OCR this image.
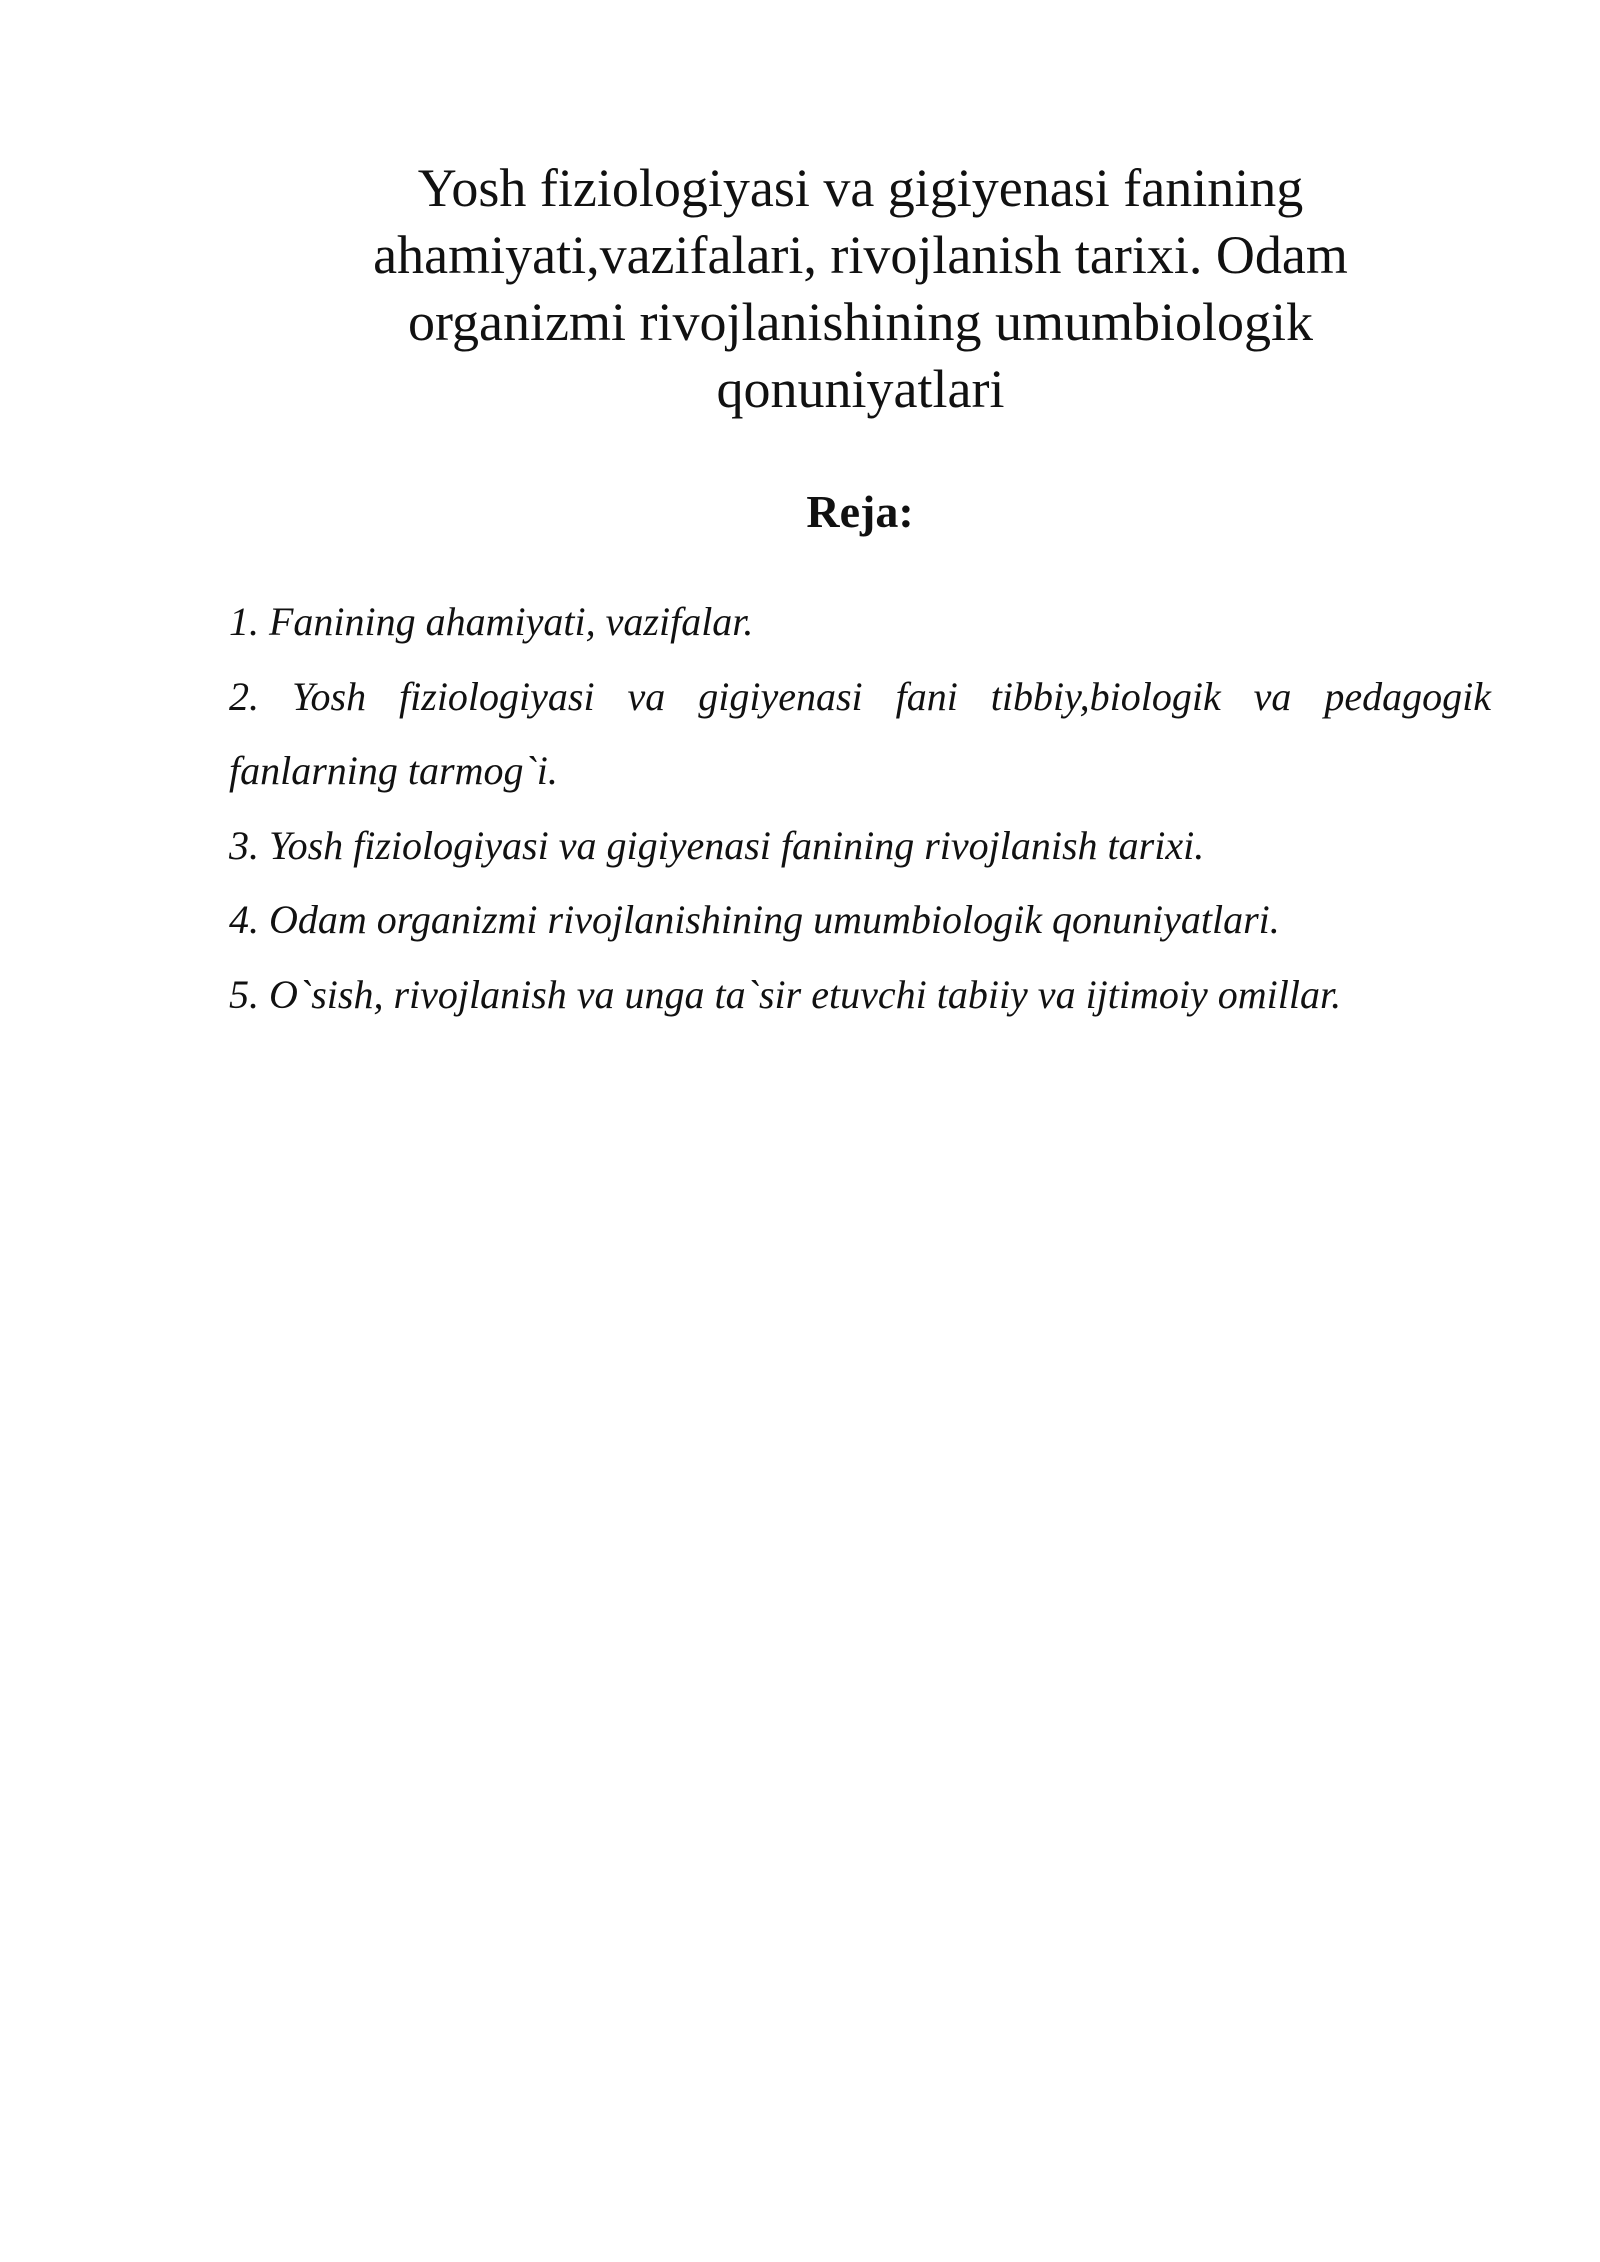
Yosh fiziologiyasi va gigiyenasi fanining
ahamiyati,vazifalari, rivojlanish tarixi. Odam
organizmi rivojlanishining umumbiologik
qonuniyatlari
Reja:
1. Fanining ahamiyati, vazifalar.
2. Yosh fiziologiyasi va gigiyenasi fani tibbiy,biologik va pedagogik
fanlarning tarmog`i.
3. Yosh fiziologiyasi va gigiyenasi fanining rivojlanish tarixi.
4. Odam organizmi rivojlanishining umumbiologik qonuniyatlari.
5. O`sish, rivojlanish va unga ta`sir etuvchi tabiiy va ijtimoiy omillar.
